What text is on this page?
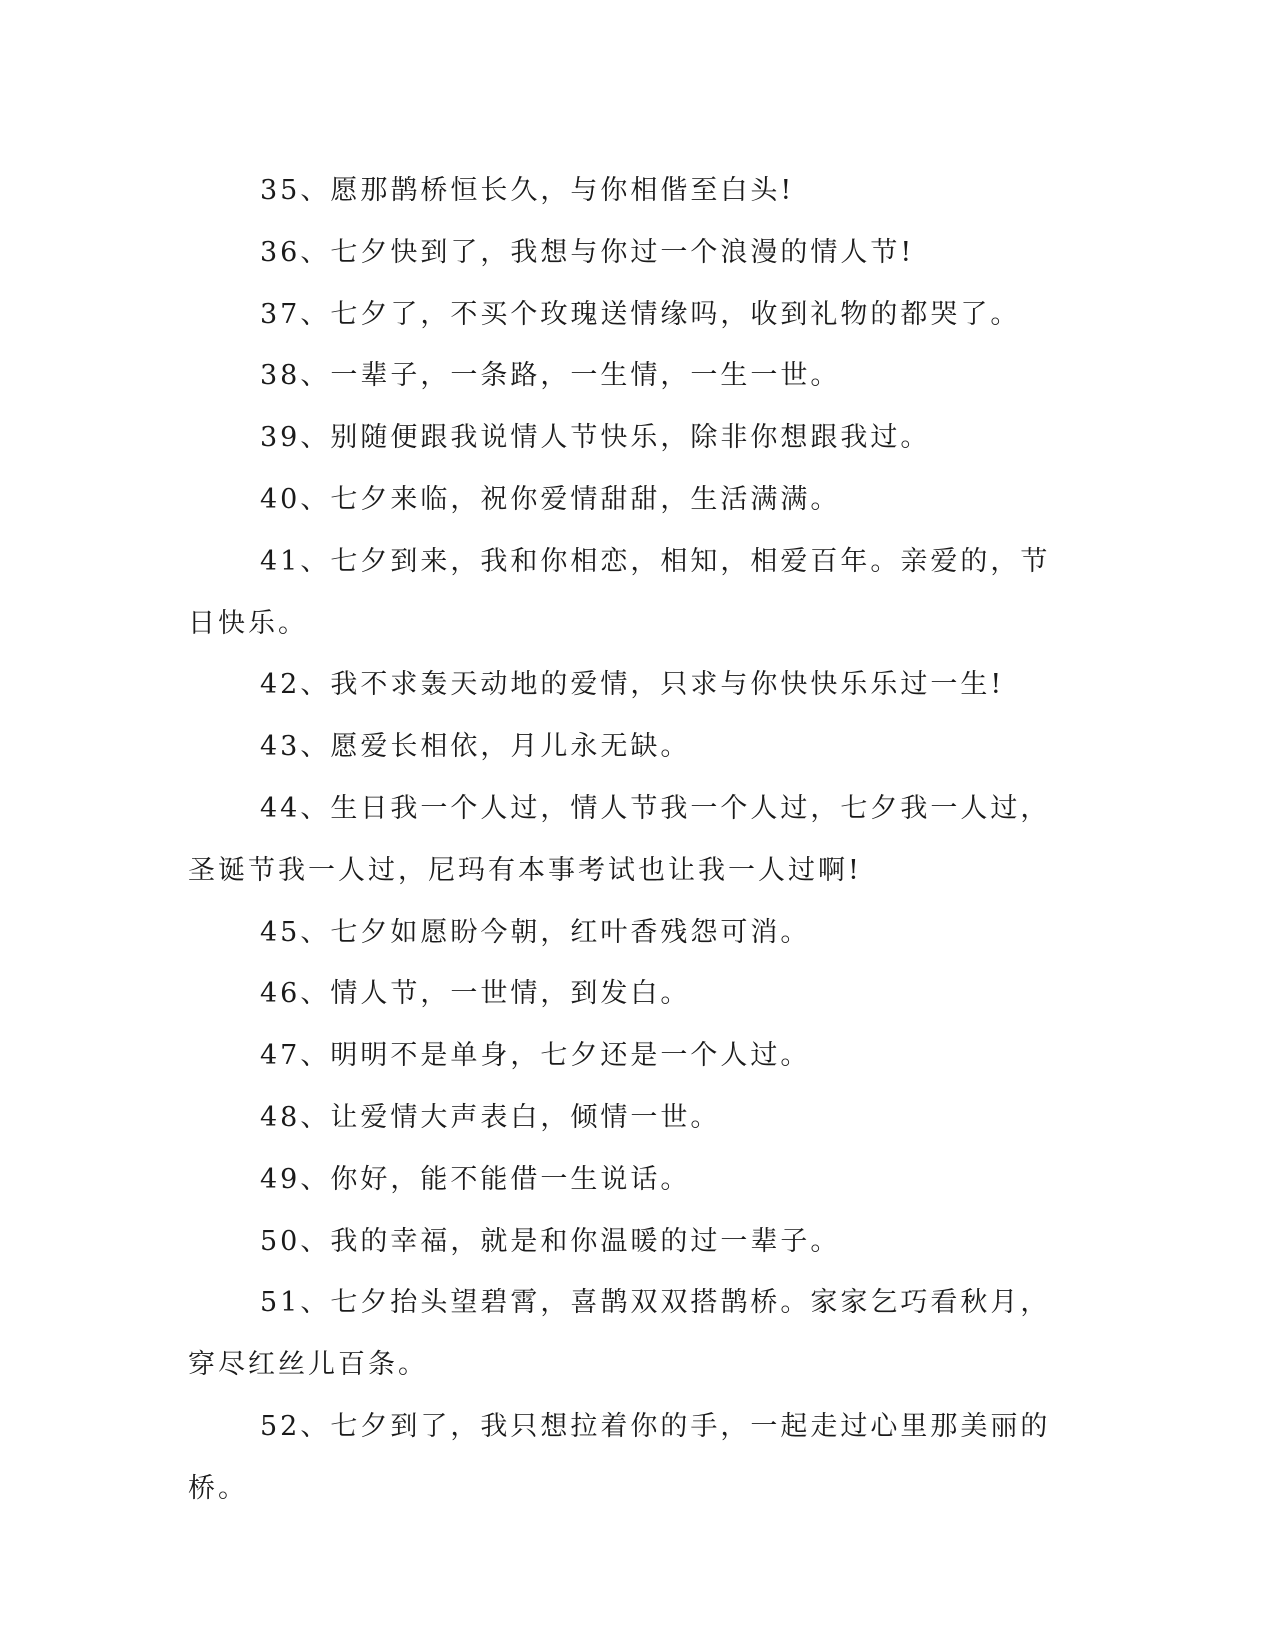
35、愿那鹊桥恒长久，与你相偕至白头!

36、七夕快到了，我想与你过一个浪漫的情人节!

37、七夕了，不买个玫瑰送情缘吗，收到礼物的都哭了。

38、一辈子，一条路，一生情，一生一世。

39、别随便跟我说情人节快乐，除非你想跟我过。

40、七夕来临，祝你爱情甜甜，生活满满。

41、七夕到来，我和你相恋，相知，相爱百年。亲爱的，节日快乐。

42、我不求轰天动地的爱情，只求与你快快乐乐过一生!

43、愿爱长相依，月儿永无缺。

44、生日我一个人过，情人节我一个人过，七夕我一人过，圣诞节我一人过，尼玛有本事考试也让我一人过啊!

45、七夕如愿盼今朝，红叶香残怨可消。

46、情人节，一世情，到发白。

47、明明不是单身，七夕还是一个人过。

48、让爱情大声表白，倾情一世。

49、你好，能不能借一生说话。

50、我的幸福，就是和你温暖的过一辈子。

51、七夕抬头望碧霄，喜鹊双双搭鹊桥。家家乞巧看秋月，穿尽红丝儿百条。

52、七夕到了，我只想拉着你的手，一起走过心里那美丽的桥。
